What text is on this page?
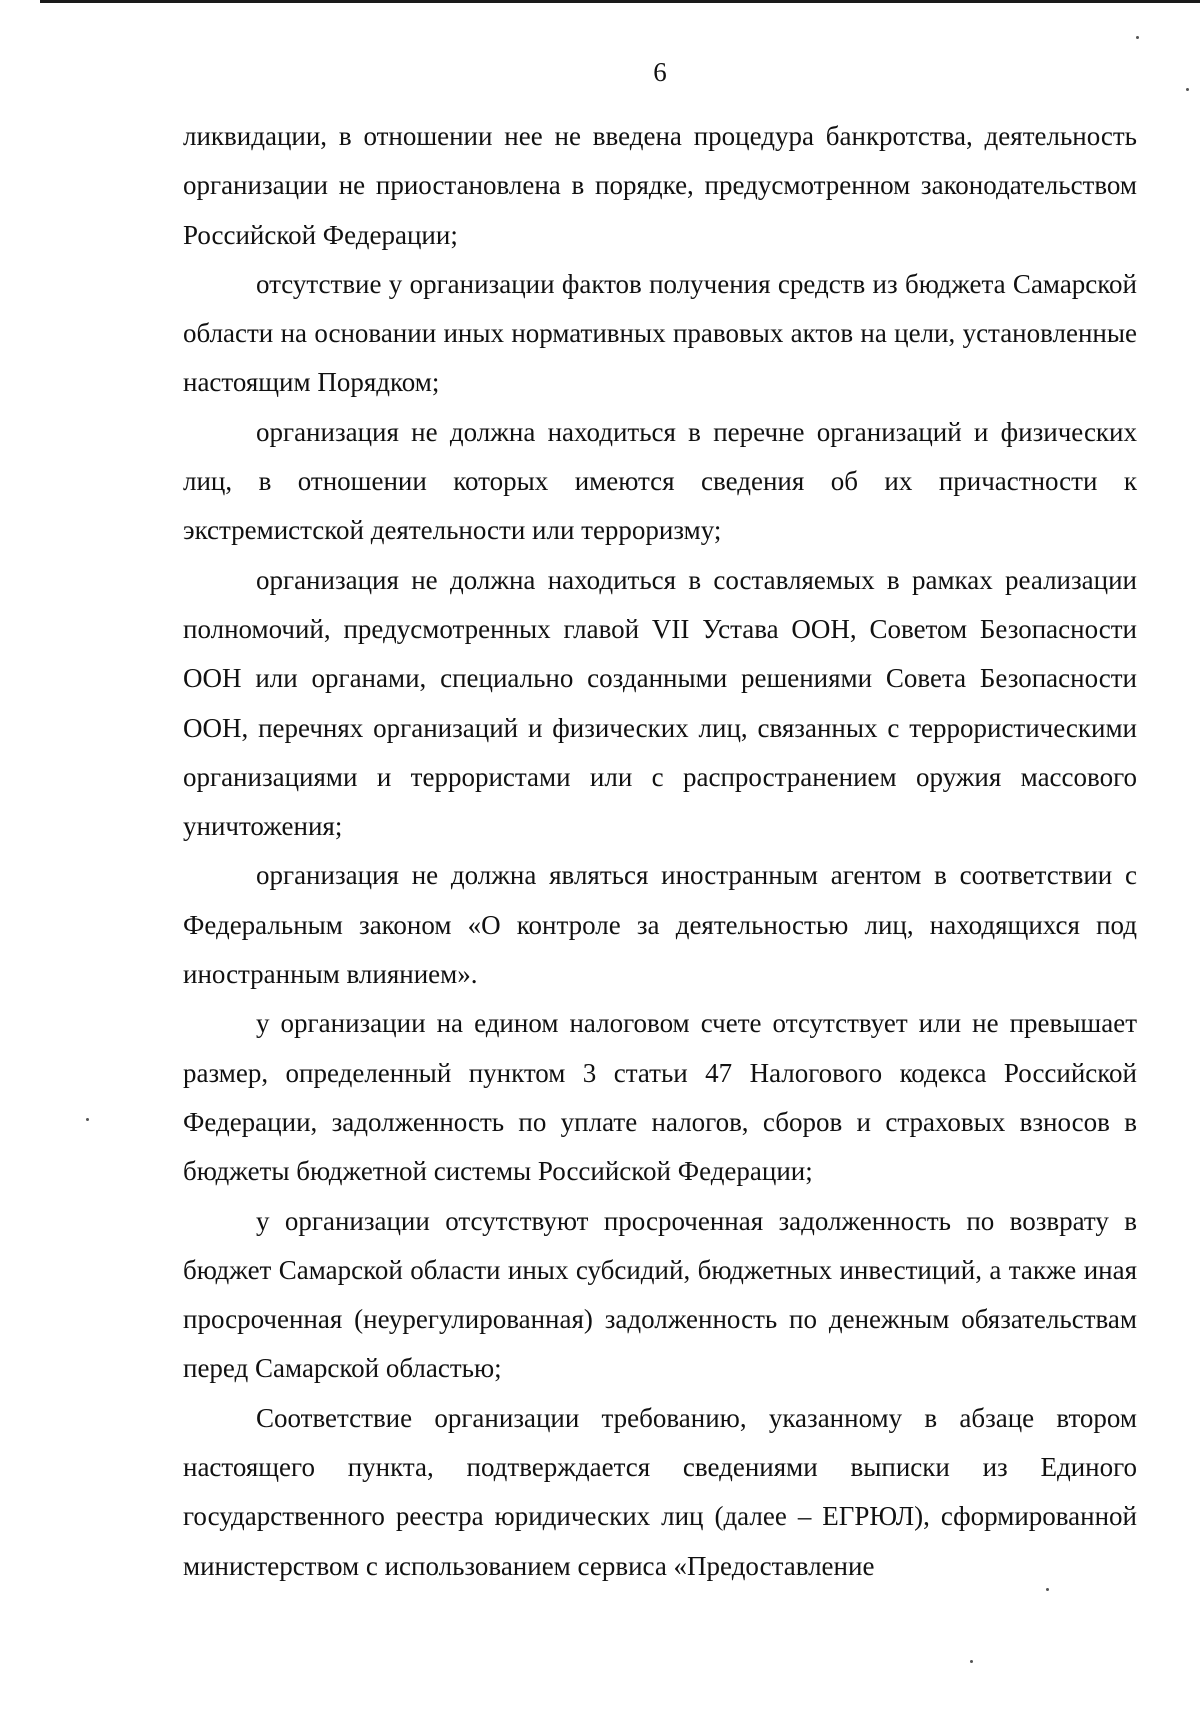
6

ликвидации, в отношении нее не введена процедура банкротства, деятельность организации не приостановлена в порядке, предусмотренном законодательством Российской Федерации;

отсутствие у организации фактов получения средств из бюджета Самарской области на основании иных нормативных правовых актов на цели, установленные настоящим Порядком;

организация не должна находиться в перечне организаций и физических лиц, в отношении которых имеются сведения об их причастности к экстремистской деятельности или терроризму;

организация не должна находиться в составляемых в рамках реализации полномочий, предусмотренных главой VII Устава ООН, Советом Безопасности ООН или органами, специально созданными решениями Совета Безопасности ООН, перечнях организаций и физических лиц, связанных с террористическими организациями и террористами или с распространением оружия массового уничтожения;

организация не должна являться иностранным агентом в соответствии с Федеральным законом «О контроле за деятельностью лиц, находящихся под иностранным влиянием».

у организации на едином налоговом счете отсутствует или не превышает размер, определенный пунктом 3 статьи 47 Налогового кодекса Российской Федерации, задолженность по уплате налогов, сборов и страховых взносов в бюджеты бюджетной системы Российской Федерации;

у организации отсутствуют просроченная задолженность по возврату в бюджет Самарской области иных субсидий, бюджетных инвестиций, а также иная просроченная (неурегулированная) задолженность по денежным обязательствам перед Самарской областью;

Соответствие организации требованию, указанному в абзаце втором настоящего пункта, подтверждается сведениями выписки из Единого государственного реестра юридических лиц (далее – ЕГРЮЛ), сформированной министерством с использованием сервиса «Предоставление
